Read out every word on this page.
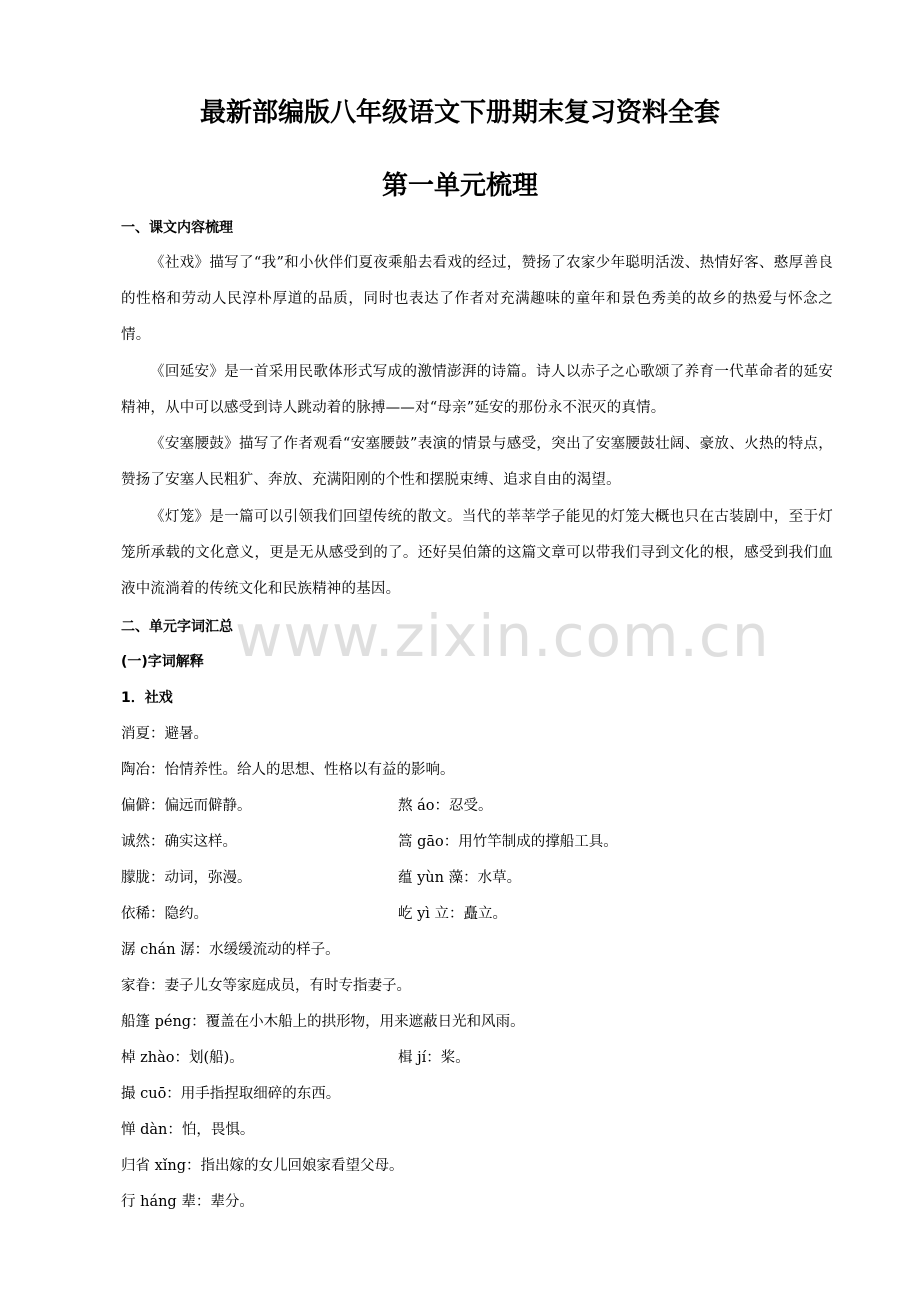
最新部编版八年级语文下册期末复习资料全套
第一单元梳理

一、课文内容梳理

《社戏》描写了“我”和小伙伴们夏夜乘船去看戏的经过，赞扬了农家少年聪明活泼、热情好客、憨厚善良的性格和劳动人民淳朴厚道的品质，同时也表达了作者对充满趣味的童年和景色秀美的故乡的热爱与怀念之情。

《回延安》是一首采用民歌体形式写成的激情澎湃的诗篇。诗人以赤子之心歌颂了养育一代革命者的延安精神，从中可以感受到诗人跳动着的脉搏——对“母亲”延安的那份永不泯灭的真情。

《安塞腰鼓》描写了作者观看“安塞腰鼓”表演的情景与感受，突出了安塞腰鼓壮阔、豪放、火热的特点，赞扬了安塞人民粗犷、奔放、充满阳刚的个性和摆脱束缚、追求自由的渴望。

《灯笼》是一篇可以引领我们回望传统的散文。当代的莘莘学子能见的灯笼大概也只在古装剧中，至于灯笼所承载的文化意义，更是无从感受到的了。还好吴伯箫的这篇文章可以带我们寻到文化的根，感受到我们血液中流淌着的传统文化和民族精神的基因。

二、单元字词汇总

(一)字词解释

1．社戏

消夏：避暑。

陶冶：怡情养性。给人的思想、性格以有益的影响。

偏僻：偏远而僻静。	熬 áo：忍受。

诚然：确实这样。	篙 gāo：用竹竿制成的撑船工具。

朦胧：动词，弥漫。	蕴 yùn 藻：水草。

依稀：隐约。	屹 yì 立：矗立。

潺 chán 潺：水缓缓流动的样子。

家眷：妻子儿女等家庭成员，有时专指妻子。

船篷 péng：覆盖在小木船上的拱形物，用来遮蔽日光和风雨。

棹 zhào：划(船)。	楫 jí：桨。

撮 cuō：用手指捏取细碎的东西。

惮 dàn：怕，畏惧。

归省 xǐng：指出嫁的女儿回娘家看望父母。

行 háng 辈：辈分。

www.zixin.com.cn
